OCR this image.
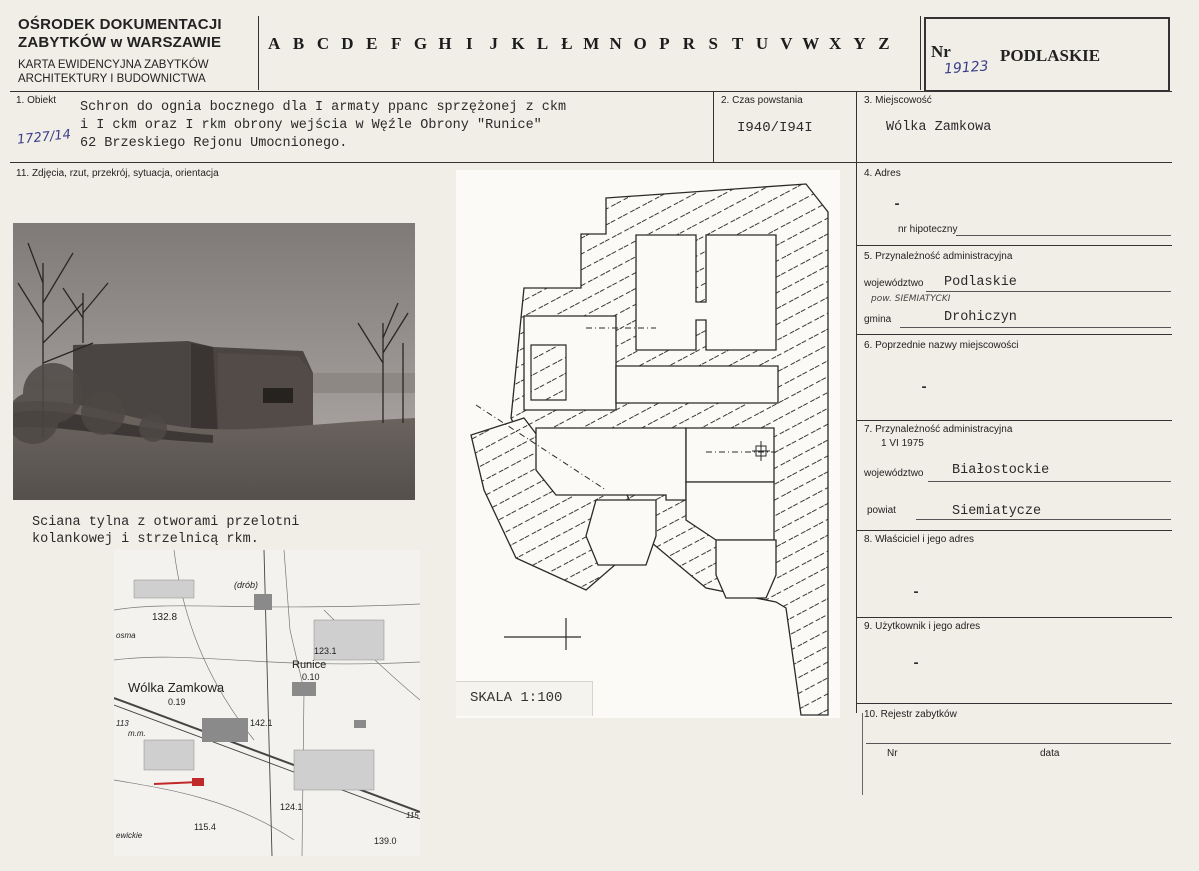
OŚRODEK DOKUMENTACJI
ZABYTKÓW w WARSZAWIE
KARTA EWIDENCYJNA ZABYTKÓW
ARCHITEKTURY I BUDOWNICTWA
A B C D E F G H I J K L Ł M N O P R S T U V W X Y Z	Nr
19123
PODLASKIE
1. Obiekt Schron do ognia bocznego dla I armaty ppanc sprzężonej z ckm
i I ckm oraz I rkm obrony wejścia w Węźle Obrony "Runice"
62 Brzeskiego Rejonu Umocnionego.
1727/14
2. Czas powstania
I940/I94I
3. Miejscowość
Wólka Zamkowa
11. Zdjęcia, rzut, przekrój, sytuacja, orientacja	4. Adres
-
nr hipoteczny
5. Przynależność administracyjna
województwo Podlaskie
pow. SIEMIATYCKI
gmina	Drohiczyn
6. Poprzednie nazwy miejscowości
-
7. Przynależność administracyjna
1 VI 1975
województwo Białostockie
powiat	Siemiatycze
8. Właściciel i jego adres
-
9. Użytkownik i jego adres
-
10. Rejestr zabytków
Nr	data
Sciana tylna z otworami przelotni
kolankowej i strzelnicą rkm.
SKALA 1:100
(drób)
132.8
Runice
123.1
0.10
Wólka Zamkowa
0.19
142.1
m.m.
124.1
115.4
139.0
ewickie
115
113
osma
